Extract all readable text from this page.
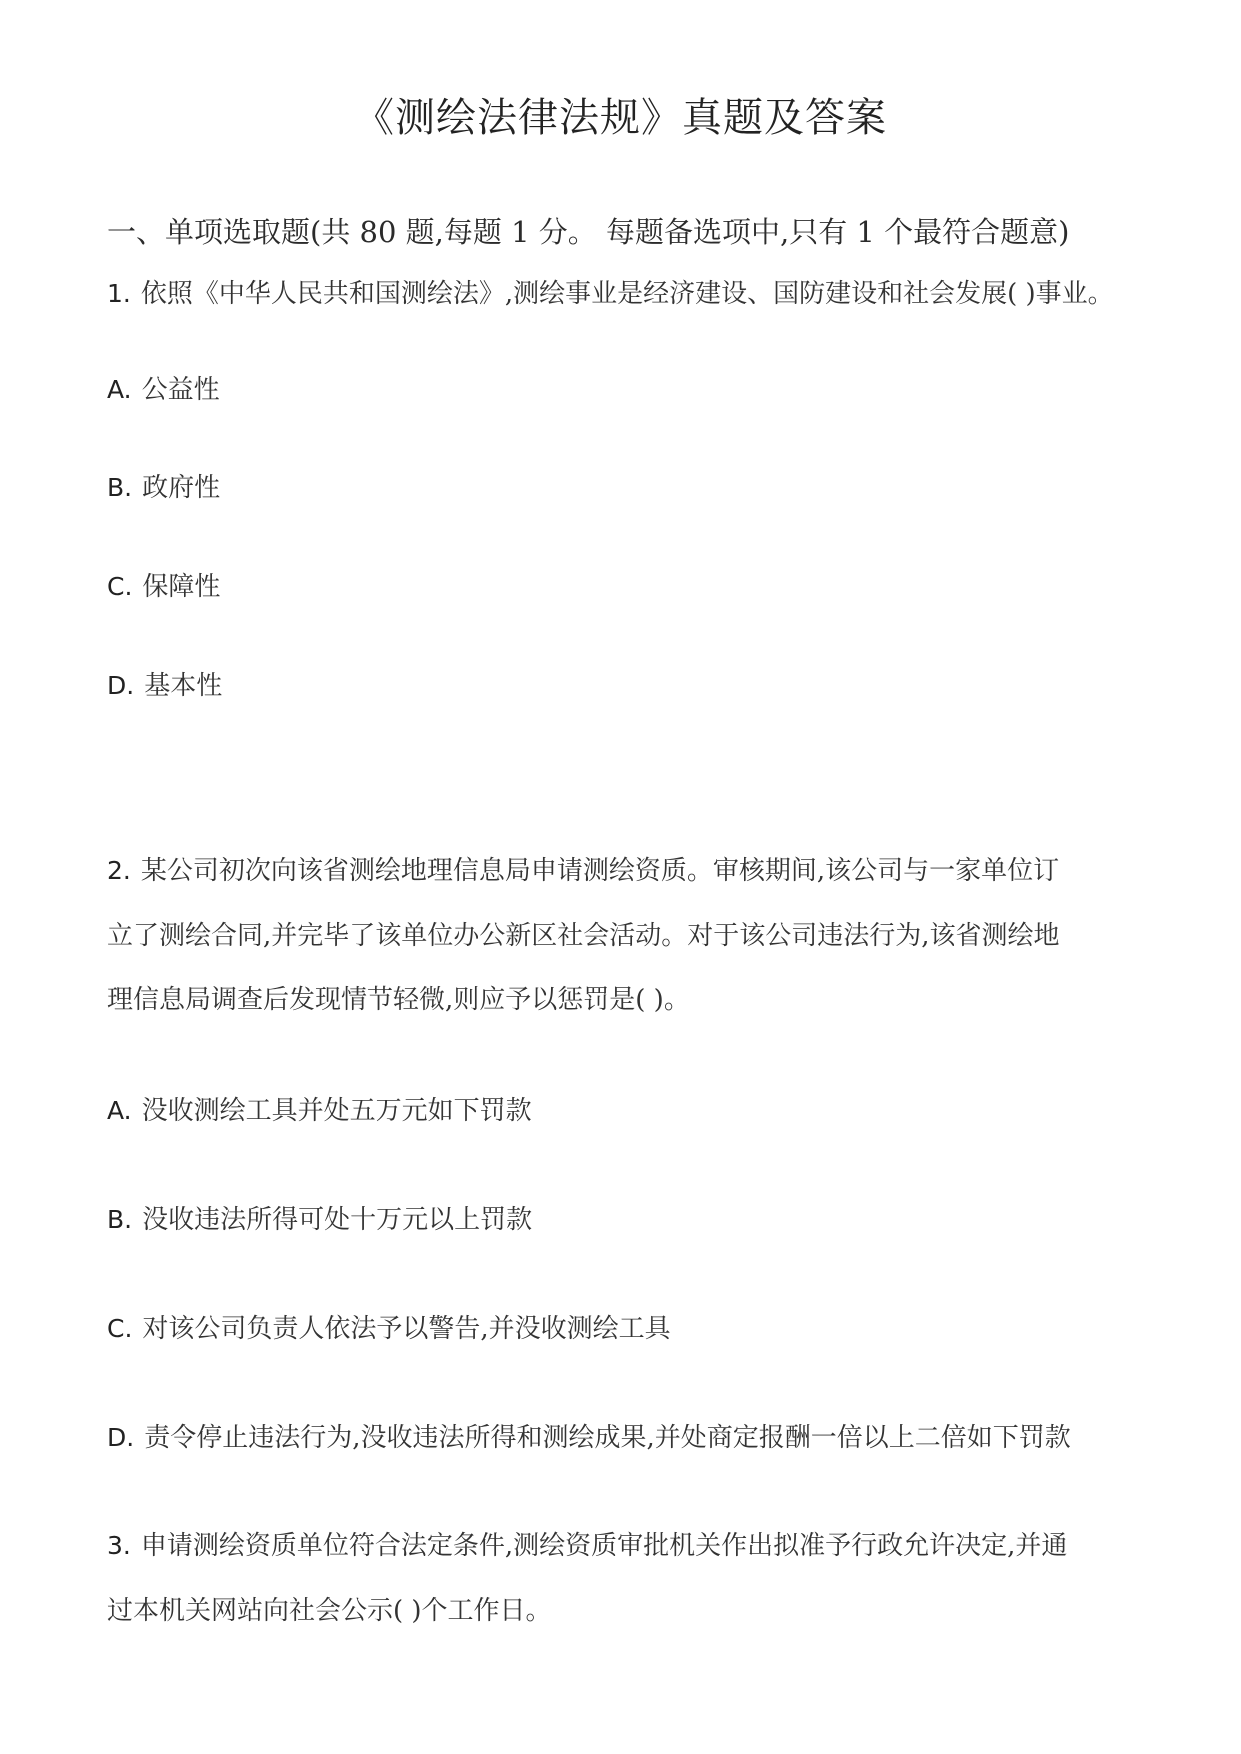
《测绘法律法规》真题及答案
一、单项选取题(共 80 题,每题 1 分。 每题备选项中,只有 1 个最符合题意)
1. 依照《中华人民共和国测绘法》,测绘事业是经济建设、国防建设和社会发展( )事业。
A. 公益性
B. 政府性
C. 保障性
D. 基本性
2. 某公司初次向该省测绘地理信息局申请测绘资质。审核期间,该公司与一家单位订
立了测绘合同,并完毕了该单位办公新区社会活动。对于该公司违法行为,该省测绘地
理信息局调查后发现情节轻微,则应予以惩罚是( )。
A. 没收测绘工具并处五万元如下罚款
B. 没收违法所得可处十万元以上罚款
C. 对该公司负责人依法予以警告,并没收测绘工具
D. 责令停止违法行为,没收违法所得和测绘成果,并处商定报酬一倍以上二倍如下罚款
3. 申请测绘资质单位符合法定条件,测绘资质审批机关作出拟准予行政允许决定,并通
过本机关网站向社会公示( )个工作日。
